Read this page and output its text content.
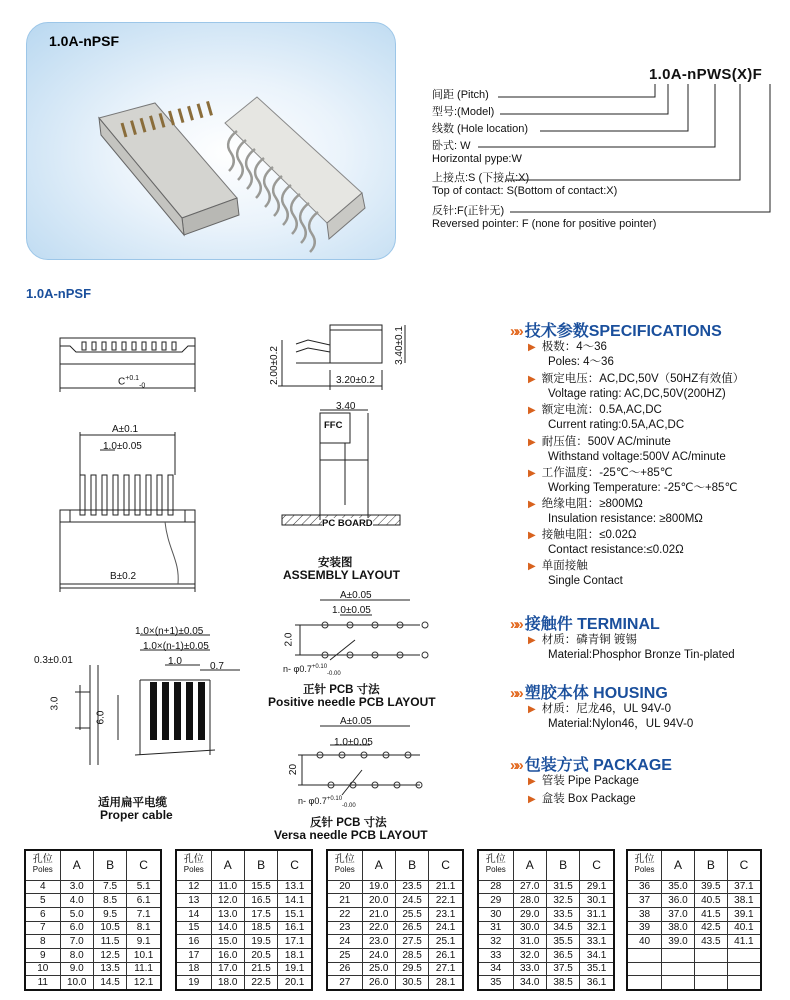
1.0A-nPSF
1.0A-nPWS(X)F
间距 (Pitch)
型号:(Model)
线数 (Hole location)
卧式: W
Horizontal pype:W
上接点:S (下接点:X)
Top of contact: S(Bottom of contact:X)
反针:F(正针无)
Reversed pointer: F (none for positive pointer)
1.0A-nPSF
$C^{+0.1}_{-0}$
A±0.1
1.0±0.05
B±0.2
2.00±0.2	3.20±0.2
3.40±0.1
3.40
FFC
PC BOARD
安装图
ASSEMBLY LAYOUT
1.0×(n+1)±0.05
1.0×(n-1)±0.05
1.0	0.7
0.3±0.01
3.0
6.0
适用扁平电缆
Proper cable
A±0.05
1.0±0.05
2.0
n- $\varphi 0.7^{+0.10}_{-0.00}$
正针 PCB 寸法
Positive needle PCB LAYOUT
A±0.05
1.0±0.05
20
n- $\varphi 0.7^{+0.10}_{-0.00}$
反针 PCB 寸法
Versa needle PCB LAYOUT
»» 技术参数SPECIFICATIONS
▶ 极数：4～36
Poles: 4～36
▶ 额定电压：AC,DC,50V（50HZ有效值）
Voltage rating: AC,DC,50V(200HZ)
▶ 额定电流：0.5A,AC,DC
Current rating:0.5A,AC,DC
▶ 耐压值：500V AC/minute
Withstand voltage:500V AC/minute
▶ 工作温度：-25℃～+85℃
Working Temperature: -25℃～+85℃
▶ 绝缘电阻：≥800MΩ
Insulation resistance: ≥800MΩ
▶ 接触电阻：≤0.02Ω
Contact resistance:≤0.02Ω
▶ 单面接触
Single Contact
»» 接触件 TERMINAL
▶ 材质：磷青铜 镀锡
Material:Phosphor Bronze Tin-plated
»» 塑胶本体 HOUSING
▶ 材质：尼龙46，UL 94V-0
Material:Nylon46，UL 94V-0
»» 包装方式 PACKAGE
▶ 管装 Pipe Package
▶ 盒装 Box Package
孔位
Poles	A	B	C
4	3.0	7.5	5.1
5	4.0	8.5	6.1
6	5.0	9.5	7.1
7	6.0	10.5	8.1
8	7.0	11.5	9.1
9	8.0	12.5	10.1
10	9.0	13.5	11.1
11	10.0	14.5	12.1
孔位
Poles	A	B	C
12	11.0	15.5	13.1
13	12.0	16.5	14.1
14	13.0	17.5	15.1
15	14.0	18.5	16.1
16	15.0	19.5	17.1
17	16.0	20.5	18.1
18	17.0	21.5	19.1
19	18.0	22.5	20.1
孔位
Poles	A	B	C
20	19.0	23.5	21.1
21	20.0	24.5	22.1
22	21.0	25.5	23.1
23	22.0	26.5	24.1
24	23.0	27.5	25.1
25	24.0	28.5	26.1
26	25.0	29.5	27.1
27	26.0	30.5	28.1
孔位
Poles	A	B	C
28	27.0	31.5	29.1
29	28.0	32.5	30.1
30	29.0	33.5	31.1
31	30.0	34.5	32.1
32	31.0	35.5	33.1
33	32.0	36.5	34.1
34	33.0	37.5	35.1
35	34.0	38.5	36.1
孔位
Poles	A	B	C
36	35.0	39.5	37.1
37	36.0	40.5	38.1
38	37.0	41.5	39.1
39	38.0	42.5	40.1
40	39.0	43.5	41.1
